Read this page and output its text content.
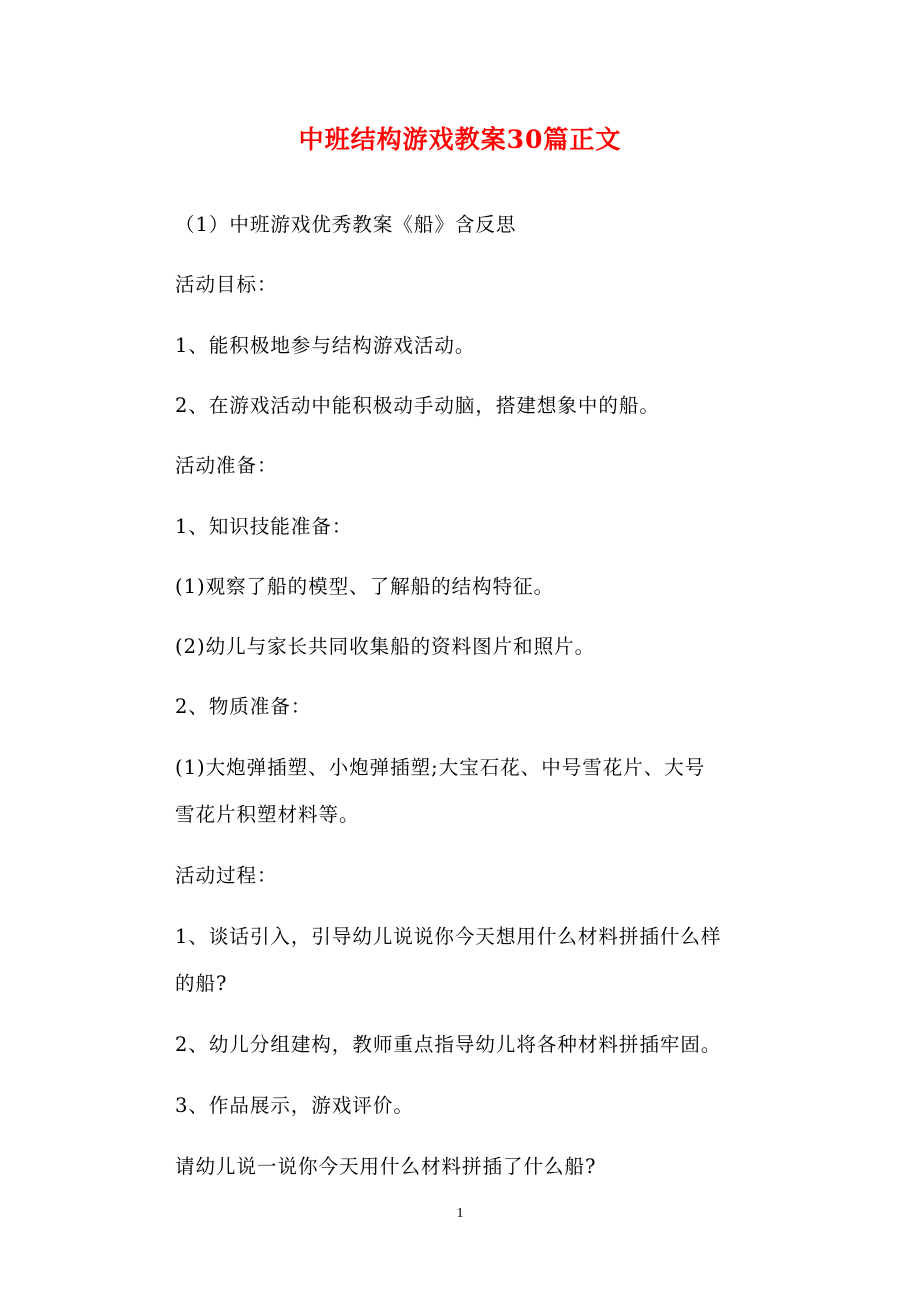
中班结构游戏教案30篇正文
（1）中班游戏优秀教案《船》含反思
活动目标：
1、能积极地参与结构游戏活动。
2、在游戏活动中能积极动手动脑，搭建想象中的船。
活动准备：
1、知识技能准备：
(1)观察了船的模型、了解船的结构特征。
(2)幼儿与家长共同收集船的资料图片和照片。
2、物质准备：
(1)大炮弹插塑、小炮弹插塑;大宝石花、中号雪花片、大号
雪花片积塑材料等。
活动过程：
1、谈话引入，引导幼儿说说你今天想用什么材料拼插什么样
的船?
2、幼儿分组建构，教师重点指导幼儿将各种材料拼插牢固。
3、作品展示，游戏评价。
请幼儿说一说你今天用什么材料拼插了什么船?
1
